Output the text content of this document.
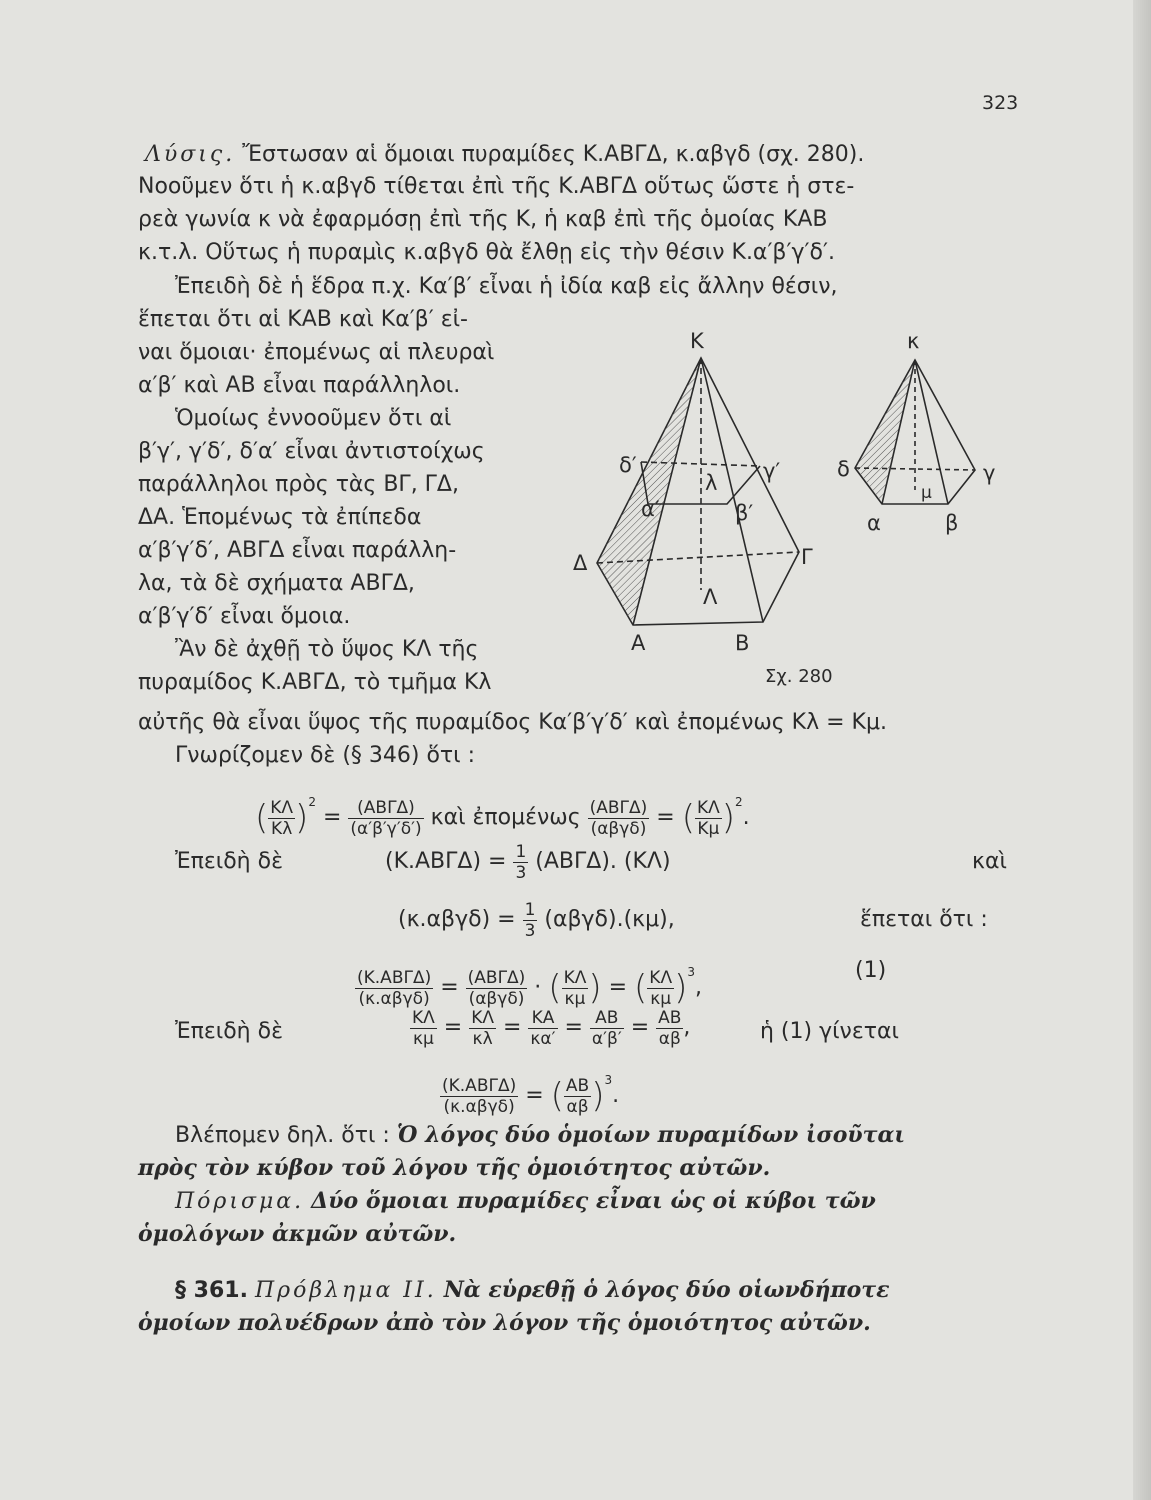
323
Λύσις. Ἔστωσαν αἱ ὅμοιαι πυραμίδες Κ.ΑΒΓΔ, κ.αβγδ (σχ. 280).
Νοοῦμεν ὅτι ἡ κ.αβγδ τίθεται ἐπὶ τῆς Κ.ΑΒΓΔ οὕτως ὥστε ἡ στε-
ρεὰ γωνία κ νὰ ἐφαρμόσῃ ἐπὶ τῆς Κ, ἡ καβ ἐπὶ τῆς ὁμοίας ΚΑΒ
κ.τ.λ. Οὕτως ἡ πυραμὶς κ.αβγδ θὰ ἔλθῃ εἰς τὴν θέσιν Κ.α′β′γ′δ′.
Ἐπειδὴ δὲ ἡ ἕδρα π.χ. Κα′β′ εἶναι ἡ ἰδία καβ εἰς ἄλλην θέσιν,
ἕπεται ὅτι αἱ ΚΑΒ καὶ Κα′β′ εἰ-
ναι ὅμοιαι· ἐπομένως αἱ πλευραὶ
α′β′ καὶ ΑΒ εἶναι παράλληλοι.
Ὁμοίως ἐννοοῦμεν ὅτι αἱ
β′γ′, γ′δ′, δ′α′ εἶναι ἀντιστοίχως
παράλληλοι πρὸς τὰς ΒΓ, ΓΔ,
ΔΑ. Ἑπομένως τὰ ἐπίπεδα
α′β′γ′δ′, ΑΒΓΔ εἶναι παράλλη-
λα, τὰ δὲ σχήματα ΑΒΓΔ,
α′β′γ′δ′ εἶναι ὅμοια.
Ἂν δὲ ἀχθῇ τὸ ὕψος ΚΛ τῆς
πυραμίδος Κ.ΑΒΓΔ, τὸ τμῆμα Κλ
Κ
δ′
λ γ′
α′	β′
Δ	Γ
Λ
Α	Β
κ
δ
μ
γ
α	β
Σχ. 280
αὐτῆς θὰ εἶναι ὕψος τῆς πυραμίδος Κα′β′γ′δ′ καὶ ἐπομένως Κλ = Κμ.
Γνωρίζομεν δὲ (§ 346) ὅτι :
( $\frac{K\Lambda}{K\lambda} )^2 = (AB\Gamma\Delta)$
(α′β′γ′δ′) καὶ ἐπομένως (ΑΒΓΔ)
(αβγδ) = ( $\frac{K\Lambda}{K\mu} )^2$.
Ἐπειδὴ δὲ	$(K.AB\Gamma\Delta) = \frac{1}{3} (AB\Gamma\Delta)$. (ΚΛ)	καὶ
$(\kappa.\alpha\beta\gamma\delta) = \frac{1}{3} (\alpha\beta\gamma\delta).(\kappa\mu)$,	ἕπεται ὅτι :
(Κ.ΑΒΓΔ)
(κ.αβγδ) = (ΑΒΓΔ)
(αβγδ) · ( $\frac{K\Lambda}{\kappa\mu}$ ) = ( $\frac{K\Lambda}{\kappa\mu} )^3$,
(1)
Ἐπειδὴ δὲ	$\frac{K\Lambda}{\kappa\mu} = \frac{K\Lambda}{\kappa\lambda} = \frac{KA}{\kappa\alpha'} = \frac{AB}{\alpha'\beta'} = \frac{AB}{\alpha\beta}$ ,	ἡ (1) γίνεται
(Κ.ΑΒΓΔ)
(κ.αβγδ) = ( $\frac{AB}{\alpha\beta} )^3$.
Βλέπομεν δηλ. ὅτι : Ὁ λόγος δύο ὁμοίων πυραμίδων ἰσοῦται
πρὸς τὸν κύβον τοῦ λόγου τῆς ὁμοιότητος αὐτῶν.
Πόρισμα. Δύο ὅμοιαι πυραμίδες εἶναι ὡς οἱ κύβοι τῶν
ὁμολόγων ἀκμῶν αὐτῶν.
§ 361. Πρόβλημα II. Νὰ εὑρεθῇ ὁ λόγος δύο οἱωνδήποτε
ὁμοίων πολυέδρων ἀπὸ τὸν λόγον τῆς ὁμοιότητος αὐτῶν.
